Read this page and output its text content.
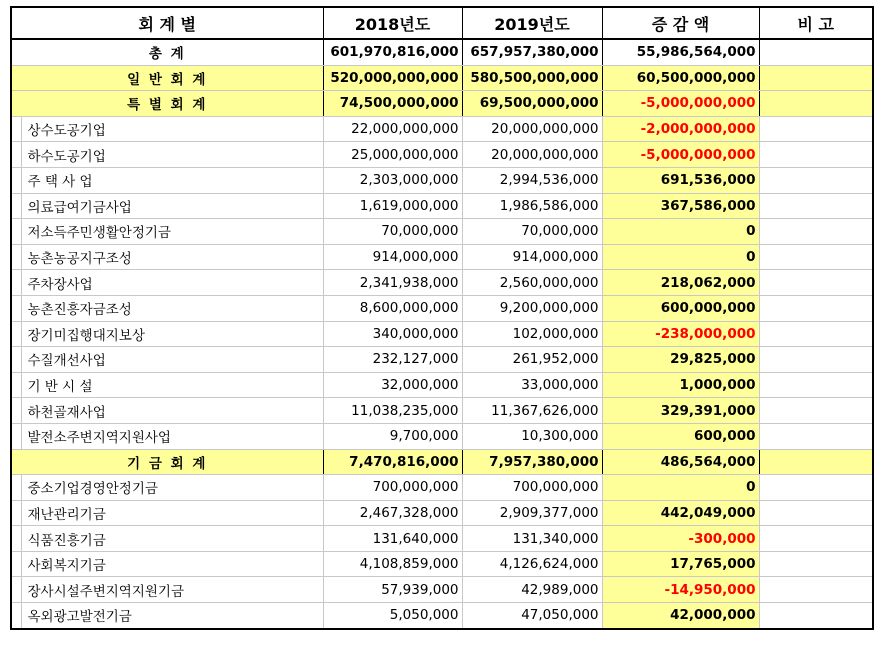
회 계 별		2018년도	2019년도	증 감 액	비 고
총 계		601,970,816,000	657,957,380,000	55,986,564,000	
일 반 회 계		520,000,000,000	580,500,000,000	60,500,000,000	
특 별 회 계		74,500,000,000	69,500,000,000	-5,000,000,000	
	상수도공기업	22,000,000,000	20,000,000,000	-2,000,000,000	
	하수도공기업	25,000,000,000	20,000,000,000	-5,000,000,000	
	주 택 사 업	2,303,000,000	2,994,536,000	691,536,000	
	의료급여기금사업	1,619,000,000	1,986,586,000	367,586,000	
	저소득주민생활안정기금	70,000,000	70,000,000	0	
	농촌농공지구조성	914,000,000	914,000,000	0	
	주차장사업	2,341,938,000	2,560,000,000	218,062,000	
	농촌진흥자금조성	8,600,000,000	9,200,000,000	600,000,000	
	장기미집행대지보상	340,000,000	102,000,000	-238,000,000	
	수질개선사업	232,127,000	261,952,000	29,825,000	
	기 반 시 설	32,000,000	33,000,000	1,000,000	
	하천골재사업	11,038,235,000	11,367,626,000	329,391,000	
	발전소주변지역지원사업	9,700,000	10,300,000	600,000	
기 금 회 계		7,470,816,000	7,957,380,000	486,564,000	
	중소기업경영안정기금	700,000,000	700,000,000	0	
	재난관리기금	2,467,328,000	2,909,377,000	442,049,000	
	식품진흥기금	131,640,000	131,340,000	-300,000	
	사회복지기금	4,108,859,000	4,126,624,000	17,765,000	
	장사시설주변지역지원기금	57,939,000	42,989,000	-14,950,000	
	옥외광고발전기금	5,050,000	47,050,000	42,000,000	
